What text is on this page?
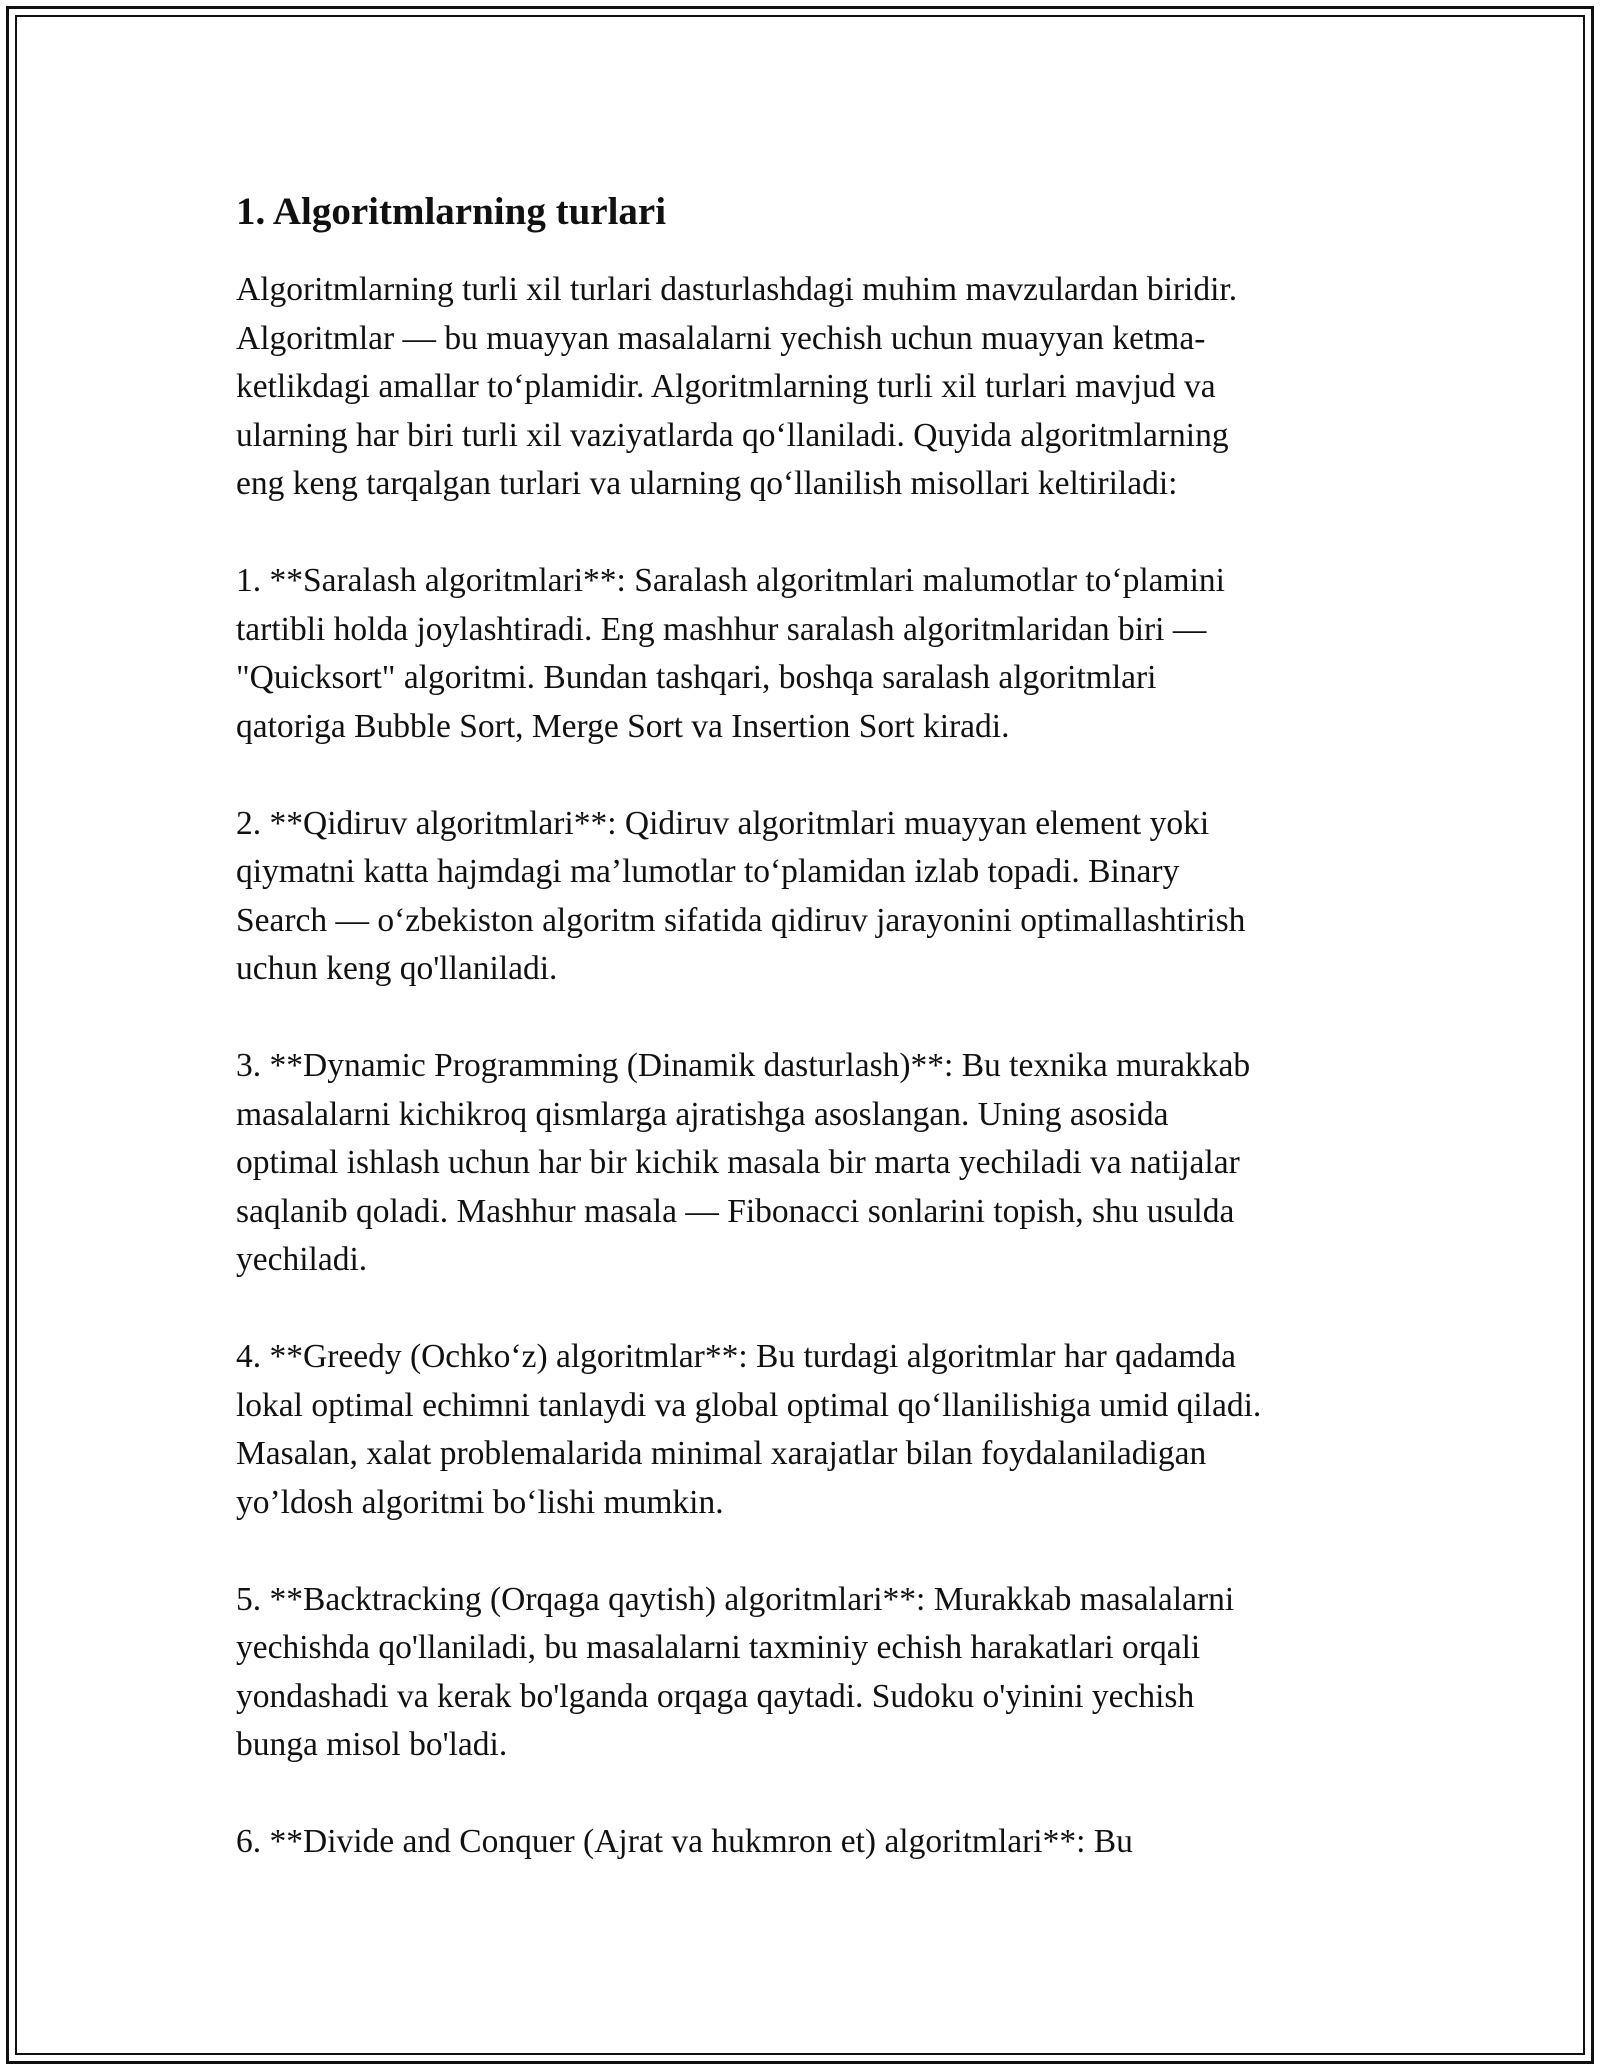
1. Algoritmlarning turlari
Algoritmlarning turli xil turlari dasturlashdagi muhim mavzulardan biridir.
Algoritmlar — bu muayyan masalalarni yechish uchun muayyan ketma-
ketlikdagi amallar to‘plamidir. Algoritmlarning turli xil turlari mavjud va
ularning har biri turli xil vaziyatlarda qo‘llaniladi. Quyida algoritmlarning
eng keng tarqalgan turlari va ularning qo‘llanilish misollari keltiriladi:
1. **Saralash algoritmlari**: Saralash algoritmlari malumotlar to‘plamini
tartibli holda joylashtiradi. Eng mashhur saralash algoritmlaridan biri —
"Quicksort" algoritmi. Bundan tashqari, boshqa saralash algoritmlari
qatoriga Bubble Sort, Merge Sort va Insertion Sort kiradi.
2. **Qidiruv algoritmlari**: Qidiruv algoritmlari muayyan element yoki
qiymatni katta hajmdagi ma’lumotlar to‘plamidan izlab topadi. Binary
Search — o‘zbekiston algoritm sifatida qidiruv jarayonini optimallashtirish
uchun keng qo'llaniladi.
3. **Dynamic Programming (Dinamik dasturlash)**: Bu texnika murakkab
masalalarni kichikroq qismlarga ajratishga asoslangan. Uning asosida
optimal ishlash uchun har bir kichik masala bir marta yechiladi va natijalar
saqlanib qoladi. Mashhur masala — Fibonacci sonlarini topish, shu usulda
yechiladi.
4. **Greedy (Ochko‘z) algoritmlar**: Bu turdagi algoritmlar har qadamda
lokal optimal echimni tanlaydi va global optimal qo‘llanilishiga umid qiladi.
Masalan, xalat problemalarida minimal xarajatlar bilan foydalaniladigan
yo’ldosh algoritmi bo‘lishi mumkin.
5. **Backtracking (Orqaga qaytish) algoritmlari**: Murakkab masalalarni
yechishda qo'llaniladi, bu masalalarni taxminiy echish harakatlari orqali
yondashadi va kerak bo'lganda orqaga qaytadi. Sudoku o'yinini yechish
bunga misol bo'ladi.
6. **Divide and Conquer (Ajrat va hukmron et) algoritmlari**: Bu
